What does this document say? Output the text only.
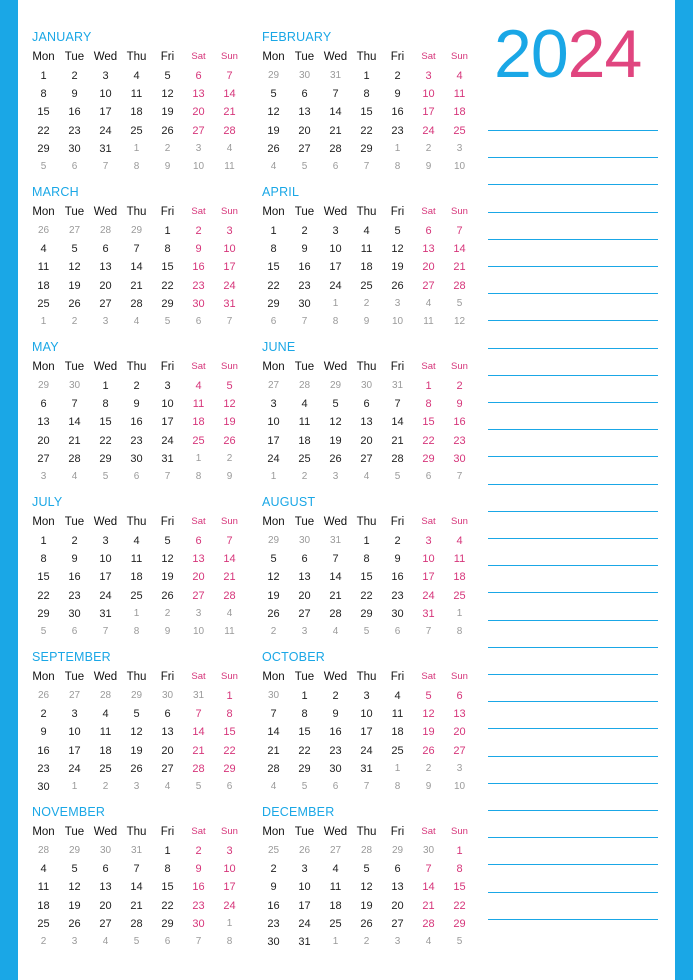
2024
JANUARY
Mon Tue Wed Thu	Fri	Sat	Sun
1	2	3	4	5	6	7
8	9	10	11	12	13	14
15	16	17	18	19	20	21
22	23	24	25	26	27	28
29	30	31	1	2	3	4
5	6	7	8	9	10	11
FEBRUARY
Mon Tue Wed Thu	Fri	Sat	Sun
29	30	31	1	2	3	4
5	6	7	8	9	10	11
12	13	14	15	16	17	18
19	20	21	22	23	24	25
26	27	28	29	1	2	3
4	5	6	7	8	9	10
MARCH
Mon Tue Wed Thu	Fri	Sat	Sun
26	27	28	29	1	2	3
4	5	6	7	8	9	10
11	12	13	14	15	16	17
18	19	20	21	22	23	24
25	26	27	28	29	30	31
1	2	3	4	5	6	7
APRIL
Mon Tue Wed Thu	Fri	Sat	Sun
1	2	3	4	5	6	7
8	9	10	11	12	13	14
15	16	17	18	19	20	21
22	23	24	25	26	27	28
29	30	1	2	3	4	5
6	7	8	9	10	11	12
MAY
Mon Tue Wed Thu	Fri	Sat	Sun
29	30	1	2	3	4	5
6	7	8	9	10	11	12
13	14	15	16	17	18	19
20	21	22	23	24	25	26
27	28	29	30	31	1	2
3	4	5	6	7	8	9
JUNE
Mon Tue Wed Thu	Fri	Sat	Sun
27	28	29	30	31	1	2
3	4	5	6	7	8	9
10	11	12	13	14	15	16
17	18	19	20	21	22	23
24	25	26	27	28	29	30
1	2	3	4	5	6	7
JULY
Mon Tue Wed Thu	Fri	Sat	Sun
1	2	3	4	5	6	7
8	9	10	11	12	13	14
15	16	17	18	19	20	21
22	23	24	25	26	27	28
29	30	31	1	2	3	4
5	6	7	8	9	10	11
AUGUST
Mon Tue Wed Thu	Fri	Sat	Sun
29	30	31	1	2	3	4
5	6	7	8	9	10	11
12	13	14	15	16	17	18
19	20	21	22	23	24	25
26	27	28	29	30	31	1
2	3	4	5	6	7	8
SEPTEMBER
Mon Tue Wed Thu	Fri	Sat	Sun
26	27	28	29	30	31	1
2	3	4	5	6	7	8
9	10	11	12	13	14	15
16	17	18	19	20	21	22
23	24	25	26	27	28	29
30	1	2	3	4	5	6
OCTOBER
Mon Tue Wed Thu	Fri	Sat	Sun
30	1	2	3	4	5	6
7	8	9	10	11	12	13
14	15	16	17	18	19	20
21	22	23	24	25	26	27
28	29	30	31	1	2	3
4	5	6	7	8	9	10
NOVEMBER
Mon Tue Wed Thu	Fri	Sat	Sun
28	29	30	31	1	2	3
4	5	6	7	8	9	10
11	12	13	14	15	16	17
18	19	20	21	22	23	24
25	26	27	28	29	30	1
2	3	4	5	6	7	8
DECEMBER
Mon Tue Wed Thu	Fri	Sat	Sun
25	26	27	28	29	30	1
2	3	4	5	6	7	8
9	10	11	12	13	14	15
16	17	18	19	20	21	22
23	24	25	26	27	28	29
30	31	1	2	3	4	5
